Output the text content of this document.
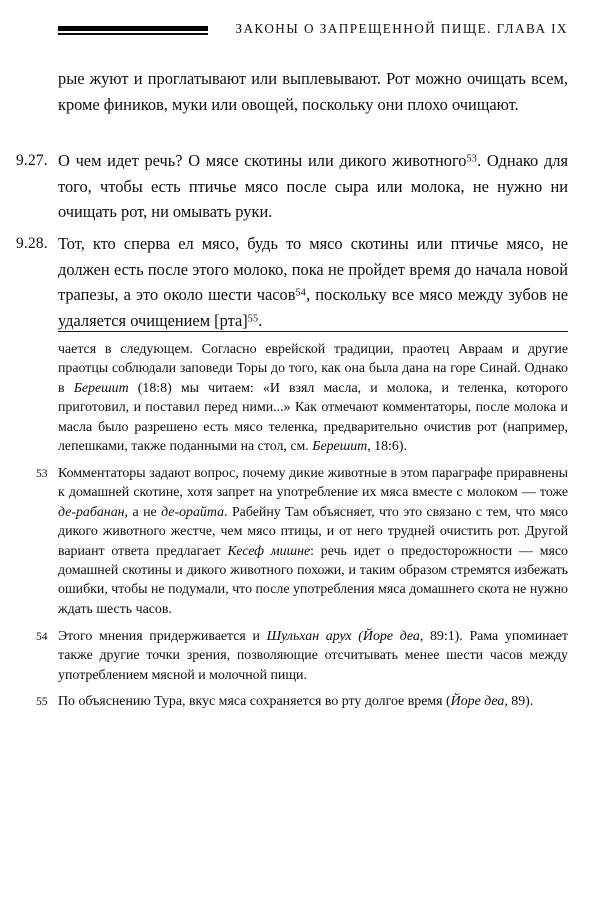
ЗАКОНЫ О ЗАПРЕЩЕННОЙ ПИЩЕ. ГЛАВА IX
рые жуют и проглатывают или выплевывают. Рот можно очищать всем, кроме фиников, муки или овощей, поскольку они плохо очищают.
9.27. О чем идет речь? О мясе скотины или дикого животного$^{53}$. Однако для того, чтобы есть птичье мясо после сыра или молока, не нужно ни очищать рот, ни омывать руки.
9.28. Тот, кто сперва ел мясо, будь то мясо скотины или птичье мясо, не должен есть после этого молоко, пока не пройдет время до начала новой трапезы, а это около шести часов$^{54}$, поскольку все мясо между зубов не удаляется очищением [рта]$^{55}$.
чается в следующем. Согласно еврейской традиции, праотец Авраам и другие праотцы соблюдали заповеди Торы до того, как она была дана на горе Синай. Однако в Берешит (18:8) мы читаем: «И взял масла, и молока, и теленка, которого приготовил, и поставил перед ними...» Как отмечают комментаторы, после молока и масла было разрешено есть мясо теленка, предварительно очистив рот (например, лепешками, также поданными на стол, см. Берешит, 18:6).
53 Комментаторы задают вопрос, почему дикие животные в этом параграфе приравнены к домашней скотине, хотя запрет на употребление их мяса вместе с молоком — тоже де-рабанан, а не де-орайта. Рабейну Там объясняет, что это связано с тем, что мясо дикого животного жестче, чем мясо птицы, и от него трудней очистить рот. Другой вариант ответа предлагает Кесеф мишне: речь идет о предосторожности — мясо домашней скотины и дикого животного похожи, и таким образом стремятся избежать ошибки, чтобы не подумали, что после употребления мяса домашнего скота не нужно ждать шесть часов.
54 Этого мнения придерживается и Шульхан арух (Йоре деа, 89:1). Рама упоминает также другие точки зрения, позволяющие отсчитывать менее шести часов между употреблением мясной и молочной пищи.
55 По объяснению Тура, вкус мяса сохраняется во рту долгое время (Йоре деа, 89).
